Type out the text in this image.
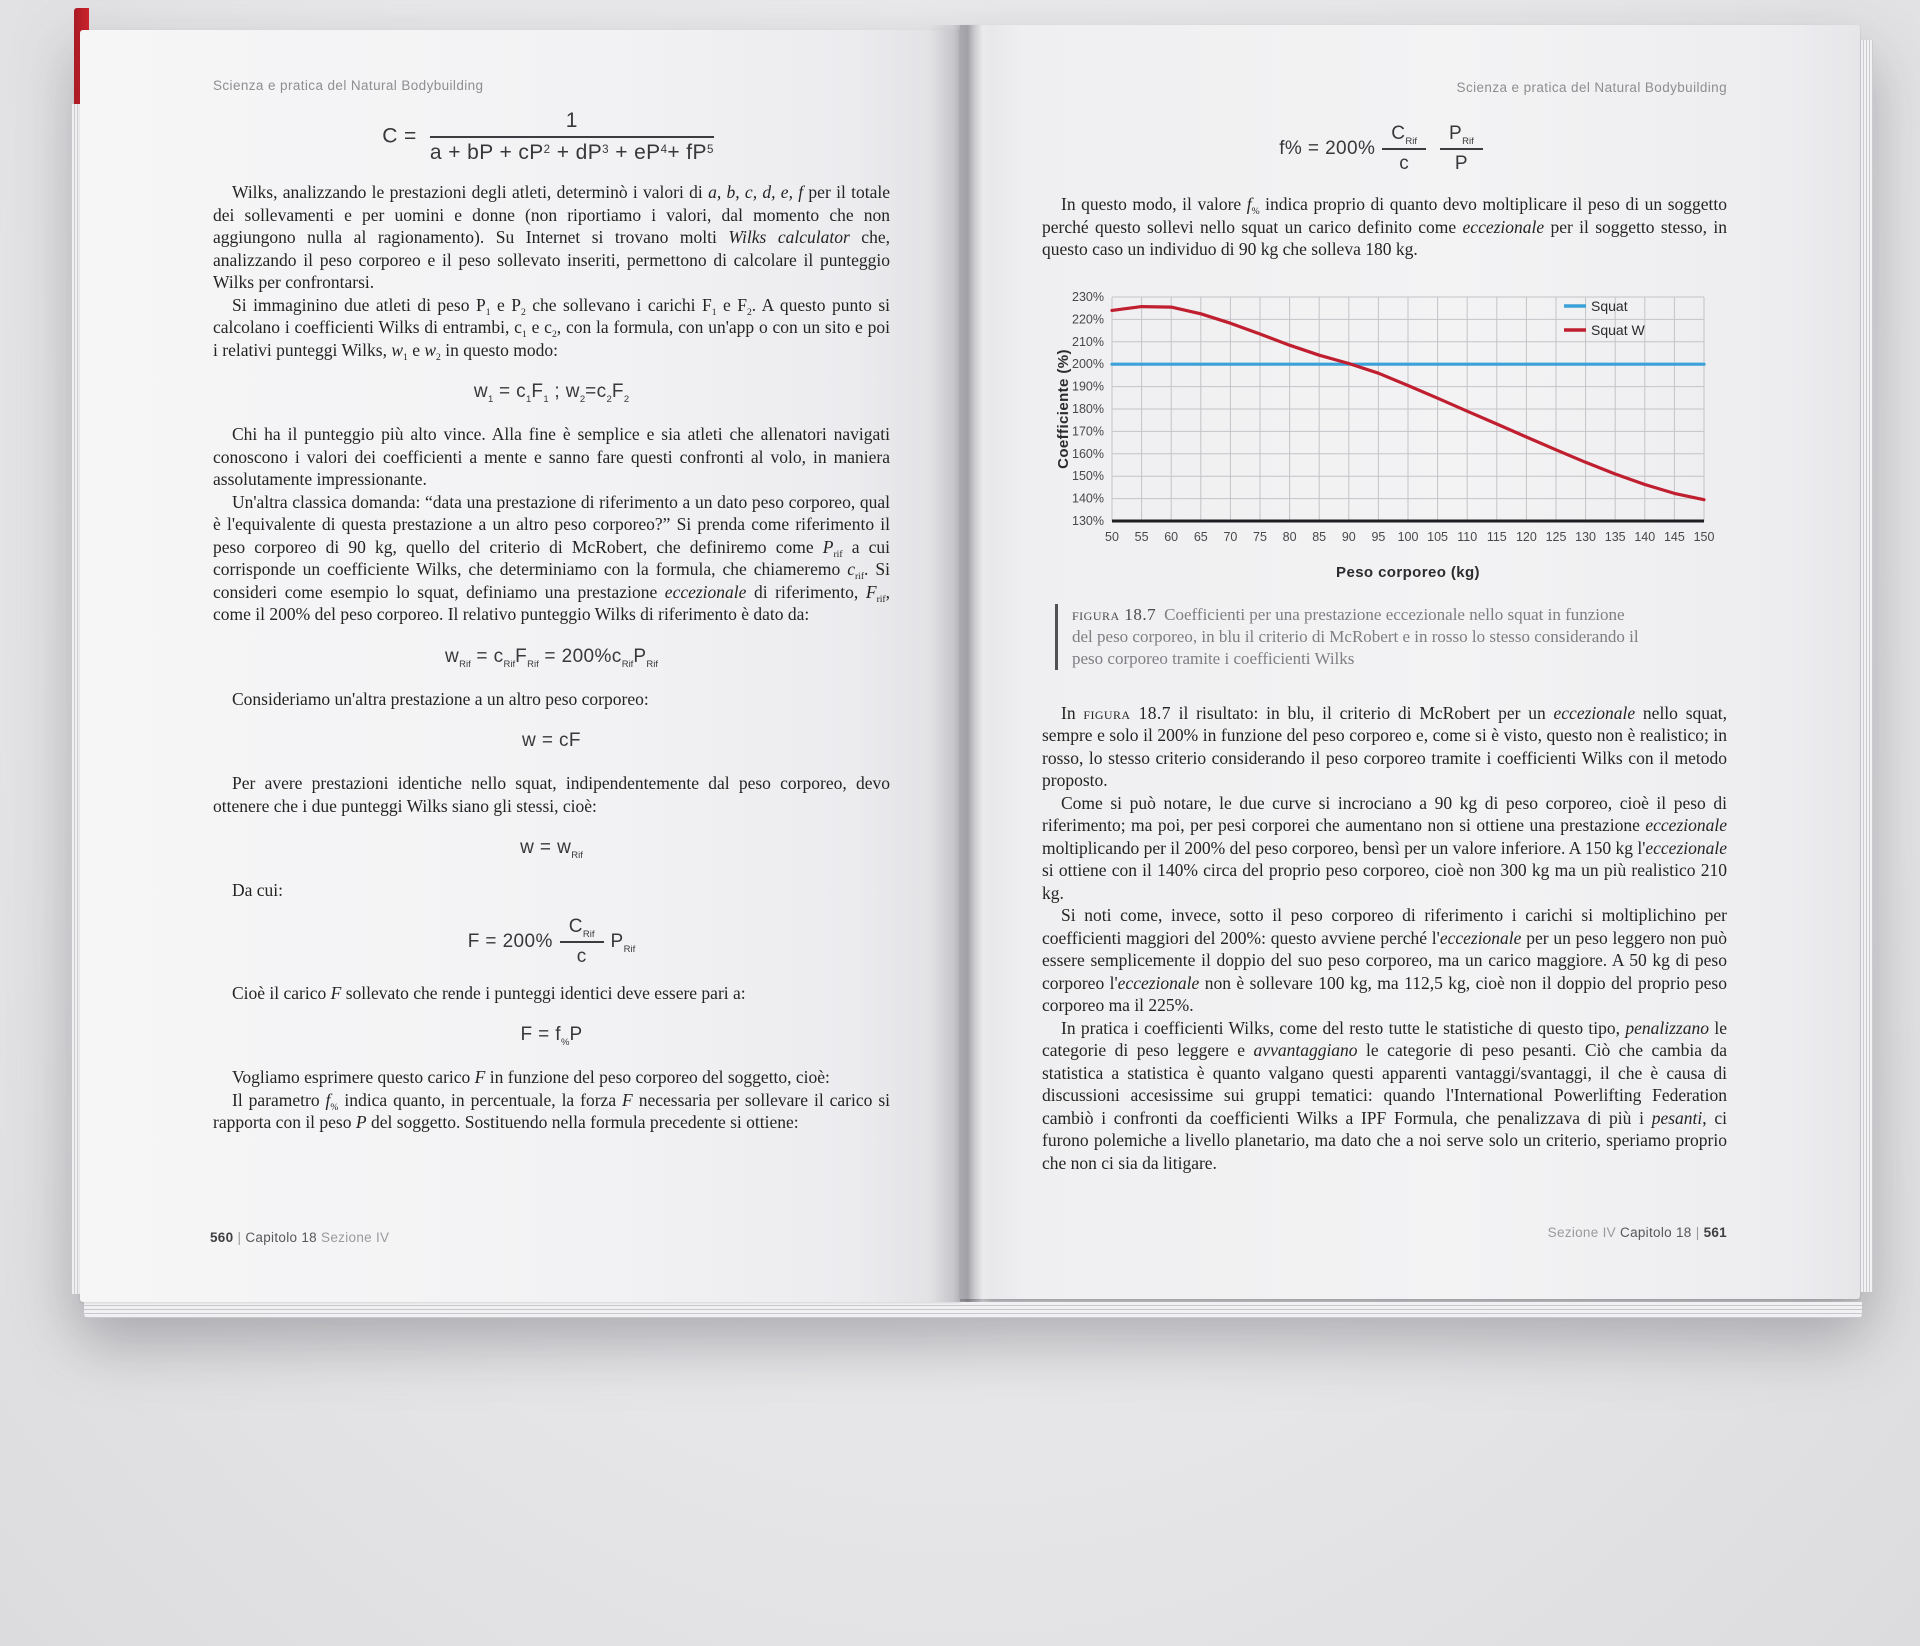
Scienza e pratica del Natural Bodybuilding
$C = \frac{1}{a + bP + cP^2 + dP^3 + eP^4+ fP^5}$

Wilks, analizzando le prestazioni degli atleti, determinò i valori di a, b, c, d, e, f per il totale dei sollevamenti e per uomini e donne (non riportiamo i valori, dal momento che non aggiungono nulla al ragionamento). Su Internet si trovano molti Wilks calculator che, analizzando il peso corporeo e il peso sollevato inseriti, permettono di calcolare il punteggio Wilks per confrontarsi.

Si immaginino due atleti di peso $P_1$ e $P_2$ che sollevano i carichi $F_1$ e $F_2$. A questo punto si calcolano i coefficienti Wilks di entrambi, $c_1$ e $c_2$, con la formula, con un'app o con un sito e poi i relativi punteggi Wilks, $w_1$ e $w_2$ in questo modo:

$w_1 = c_1F_1$ ; $w_2=c_2F_2$

Chi ha il punteggio più alto vince. Alla fine è semplice e sia atleti che allenatori navigati conoscono i valori dei coefficienti a mente e sanno fare questi confronti al volo, in maniera assolutamente impressionante.

Un'altra classica domanda: “data una prestazione di riferimento a un dato peso corporeo, qual è l'equivalente di questa prestazione a un altro peso corporeo?” Si prenda come riferimento il peso corporeo di 90 kg, quello del criterio di McRobert, che definiremo come $P_{rif}$ a cui corrisponde un coefficiente Wilks, che determiniamo con la formula, che chiameremo $c_{rif}$. Si consideri come esempio lo squat, definiamo una prestazione eccezionale di riferimento, $F_{rif}$, come il 200% del peso corporeo. Il relativo punteggio Wilks di riferimento è dato da:

$w_{Rif} = c_{Rif}F_{Rif} = 200\%c_{Rif}P_{Rif}$

Consideriamo un'altra prestazione a un altro peso corporeo:

w = cF

Per avere prestazioni identiche nello squat, indipendentemente dal peso corporeo, devo ottenere che i due punteggi Wilks siano gli stessi, cioè:

$w = w_{Rif}$

Da cui:

$F = 200\% \frac{C_{Rif}}{c} P_{Rif}$

Cioè il carico F sollevato che rende i punteggi identici deve essere pari a:

$F = f_{\%}P$

Vogliamo esprimere questo carico F in funzione del peso corporeo del soggetto, cioè:

Il parametro $f_{\%}$ indica quanto, in percentuale, la forza F necessaria per sollevare il carico si rapporta con il peso P del soggetto. Sostituendo nella formula precedente si ottiene:

560 | Capitolo 18 Sezione IV
Scienza e pratica del Natural Bodybuilding
$f\% = 200\% \frac{C_{Rif}}{c} \frac{P_{Rif}}{P}$

In questo modo, il valore $f_{\%}$ indica proprio di quanto devo moltiplicare il peso di un soggetto perché questo sollevi nello squat un carico definito come eccezionale per il soggetto stesso, in questo caso un individuo di 90 kg che solleva 180 kg.

130%
140%
150%
160%
170%
180%
190%
200%
210%
220%
230%
50 55 60 65 70 75 80 85 90 95 100 105 110 115 120 125 130 135 140 145 150
Squat
Squat W
Peso corporeo (kg)
Coefficiente (%)
figura 18.7 Coefficienti per una prestazione eccezionale nello squat in funzione del peso corporeo, in blu il criterio di McRobert e in rosso lo stesso considerando il peso corporeo tramite i coefficienti Wilks

In figura 18.7 il risultato: in blu, il criterio di McRobert per un eccezionale nello squat, sempre e solo il 200% in funzione del peso corporeo e, come si è visto, questo non è realistico; in rosso, lo stesso criterio considerando il peso corporeo tramite i coefficienti Wilks con il metodo proposto.

Come si può notare, le due curve si incrociano a 90 kg di peso corporeo, cioè il peso di riferimento; ma poi, per pesi corporei che aumentano non si ottiene una prestazione eccezionale moltiplicando per il 200% del peso corporeo, bensì per un valore inferiore. A 150 kg l'eccezionale si ottiene con il 140% circa del proprio peso corporeo, cioè non 300 kg ma un più realistico 210 kg.

Si noti come, invece, sotto il peso corporeo di riferimento i carichi si moltiplichino per coefficienti maggiori del 200%: questo avviene perché l'eccezionale per un peso leggero non può essere semplicemente il doppio del suo peso corporeo, ma un carico maggiore. A 50 kg di peso corporeo l'eccezionale non è sollevare 100 kg, ma 112,5 kg, cioè non il doppio del proprio peso corporeo ma il 225%.

In pratica i coefficienti Wilks, come del resto tutte le statistiche di questo tipo, penalizzano le categorie di peso leggere e avvantaggiano le categorie di peso pesanti. Ciò che cambia da statistica a statistica è quanto valgano questi apparenti vantaggi/svantaggi, il che è causa di discussioni accesissime sui gruppi tematici: quando l'International Powerlifting Federation cambiò i confronti da coefficienti Wilks a IPF Formula, che penalizzava di più i pesanti, ci furono polemiche a livello planetario, ma dato che a noi serve solo un criterio, speriamo proprio che non ci sia da litigare.

Sezione IV Capitolo 18 | 561
